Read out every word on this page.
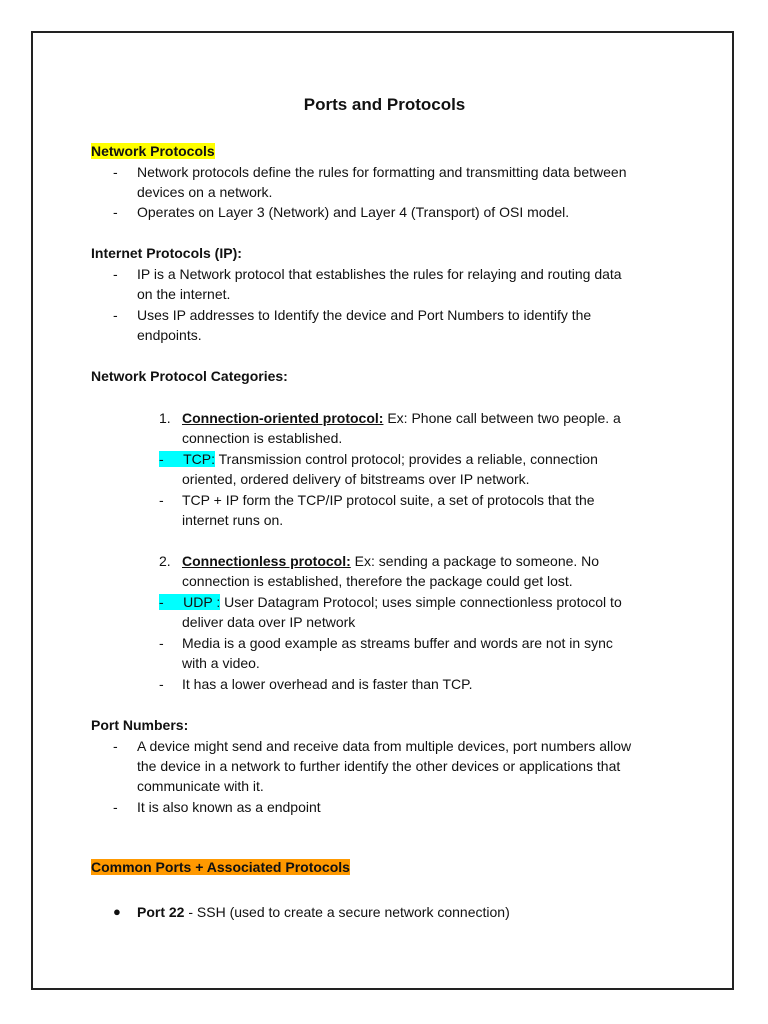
Ports and Protocols
Network Protocols
- Network protocols define the rules for formatting and transmitting data between
devices on a network.
- Operates on Layer 3 (Network) and Layer 4 (Transport) of OSI model.
Internet Protocols (IP):
- IP is a Network protocol that establishes the rules for relaying and routing data
on the internet.
- Uses IP addresses to Identify the device and Port Numbers to identify the
endpoints.
Network Protocol Categories:
1. Connection-oriented protocol: Ex: Phone call between two people. a
connection is established.
- TCP: Transmission control protocol; provides a reliable, connection
oriented, ordered delivery of bitstreams over IP network.
- TCP + IP form the TCP/IP protocol suite, a set of protocols that the
internet runs on.
2. Connectionless protocol: Ex: sending a package to someone. No
connection is established, therefore the package could get lost.
- UDP : User Datagram Protocol; uses simple connectionless protocol to
deliver data over IP network
- Media is a good example as streams buffer and words are not in sync
with a video.
- It has a lower overhead and is faster than TCP.
Port Numbers:
- A device might send and receive data from multiple devices, port numbers allow
the device in a network to further identify the other devices or applications that
communicate with it.
- It is also known as a endpoint
Common Ports + Associated Protocols
● Port 22 - SSH (used to create a secure network connection)
